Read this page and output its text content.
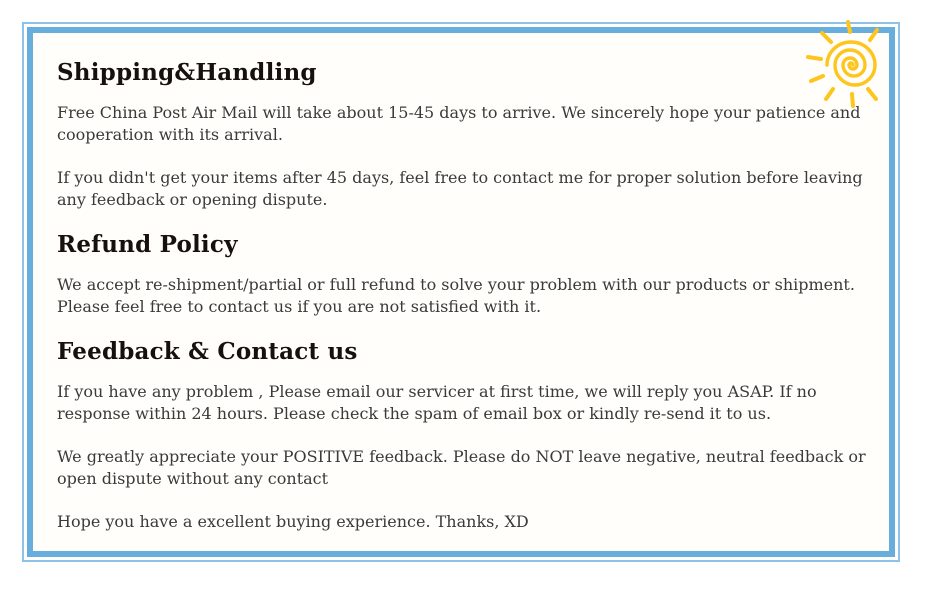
Shipping&Handling

Free China Post Air Mail will take about 15-45 days to arrive. We sincerely hope your patience and cooperation with its arrival.

If you didn't get your items after 45 days, feel free to contact me for proper solution before leaving any feedback or opening dispute.

Refund Policy

We accept re-shipment/partial or full refund to solve your problem with our products or shipment. Please feel free to contact us if you are not satisfied with it.

Feedback & Contact us

If you have any problem , Please email our servicer at first time, we will reply you ASAP. If no response within 24 hours. Please check the spam of email box or kindly re-send it to us.

We greatly appreciate your POSITIVE feedback. Please do NOT leave negative, neutral feedback or open dispute without any contact

Hope you have a excellent buying experience. Thanks, XD
